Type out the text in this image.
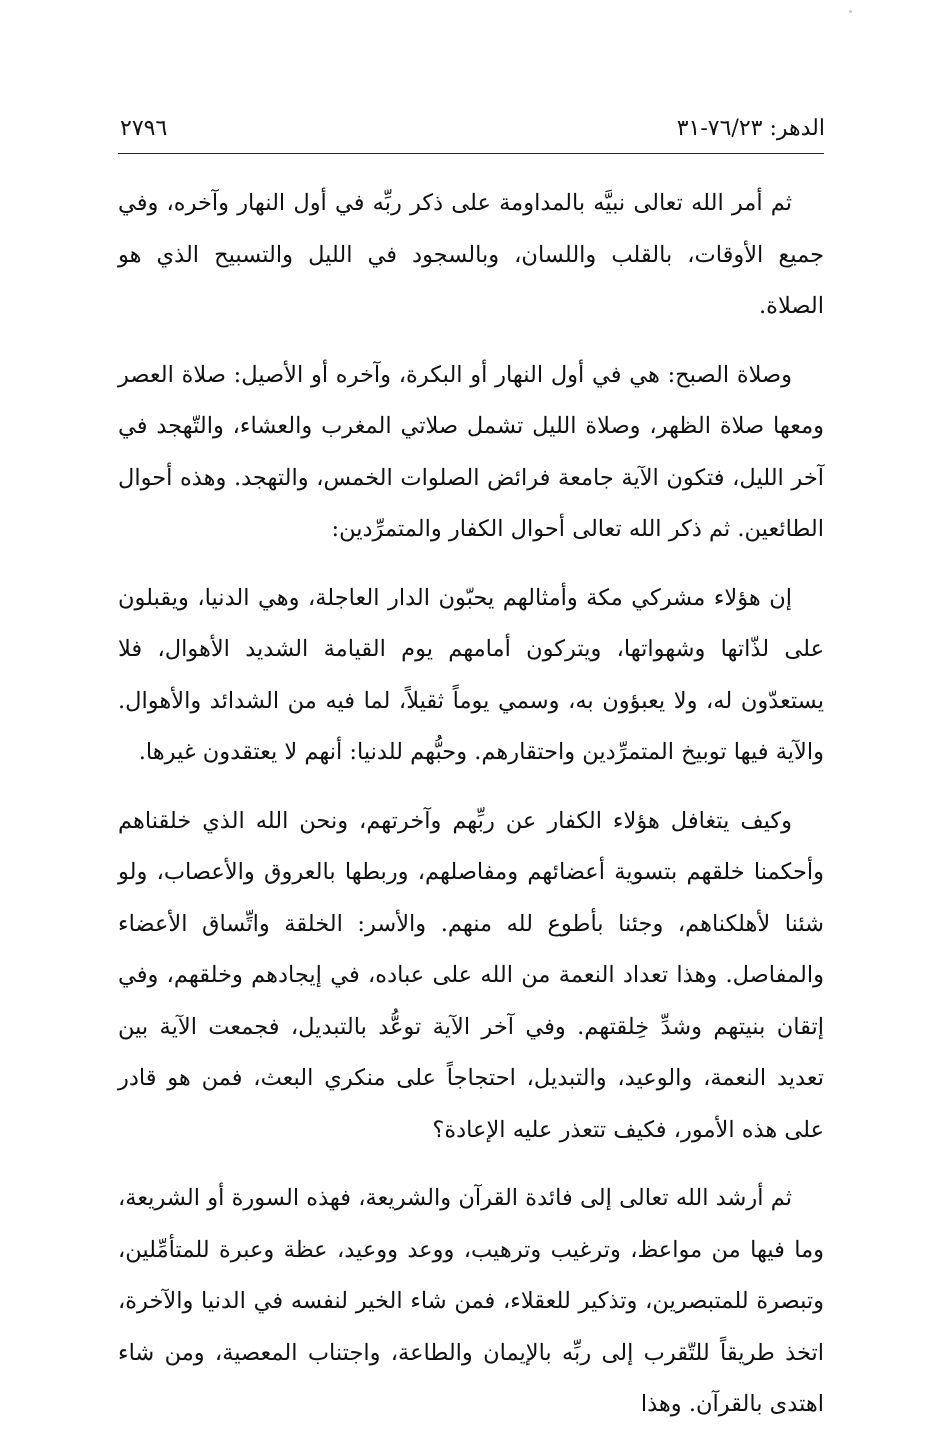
الدهر: ٧٦/٢٣-٣١
٢٧٩٦

ثم أمر الله تعالى نبيَّه بالمداومة على ذكر ربِّه في أول النهار وآخره، وفي جميع الأوقات، بالقلب واللسان، وبالسجود في الليل والتسبيح الذي هو الصلاة.

وصلاة الصبح: هي في أول النهار أو البكرة، وآخره أو الأصيل: صلاة العصر ومعها صلاة الظهر، وصلاة الليل تشمل صلاتي المغرب والعشاء، والتّهجد في آخر الليل، فتكون الآية جامعة فرائض الصلوات الخمس، والتهجد. وهذه أحوال الطائعين. ثم ذكر الله تعالى أحوال الكفار والمتمرِّدين:

إن هؤلاء مشركي مكة وأمثالهم يحبّون الدار العاجلة، وهي الدنيا، ويقبلون على لذّاتها وشهواتها، ويتركون أمامهم يوم القيامة الشديد الأهوال، فلا يستعدّون له، ولا يعبؤون به، وسمي يوماً ثقيلاً، لما فيه من الشدائد والأهوال. والآية فيها توبيخ المتمرِّدين واحتقارهم. وحبُّهم للدنيا: أنهم لا يعتقدون غيرها.

وكيف يتغافل هؤلاء الكفار عن ربِّهم وآخرتهم، ونحن الله الذي خلقناهم وأحكمنا خلقهم بتسوية أعضائهم ومفاصلهم، وربطها بالعروق والأعصاب، ولو شئنا لأهلكناهم، وجئنا بأطوع لله منهم. والأسر: الخلقة واتِّساق الأعضاء والمفاصل. وهذا تعداد النعمة من الله على عباده، في إيجادهم وخلقهم، وفي إتقان بنيتهم وشدِّ خِلقتهم. وفي آخر الآية توعُّد بالتبديل، فجمعت الآية بين تعديد النعمة، والوعيد، والتبديل، احتجاجاً على منكري البعث، فمن هو قادر على هذه الأمور، فكيف تتعذر عليه الإعادة؟

ثم أرشد الله تعالى إلى فائدة القرآن والشريعة، فهذه السورة أو الشريعة، وما فيها من مواعظ، وترغيب وترهيب، ووعد ووعيد، عظة وعبرة للمتأمِّلين، وتبصرة للمتبصرين، وتذكير للعقلاء، فمن شاء الخير لنفسه في الدنيا والآخرة، اتخذ طريقاً للتّقرب إلى ربِّه بالإيمان والطاعة، واجتناب المعصية، ومن شاء اهتدى بالقرآن. وهذا
